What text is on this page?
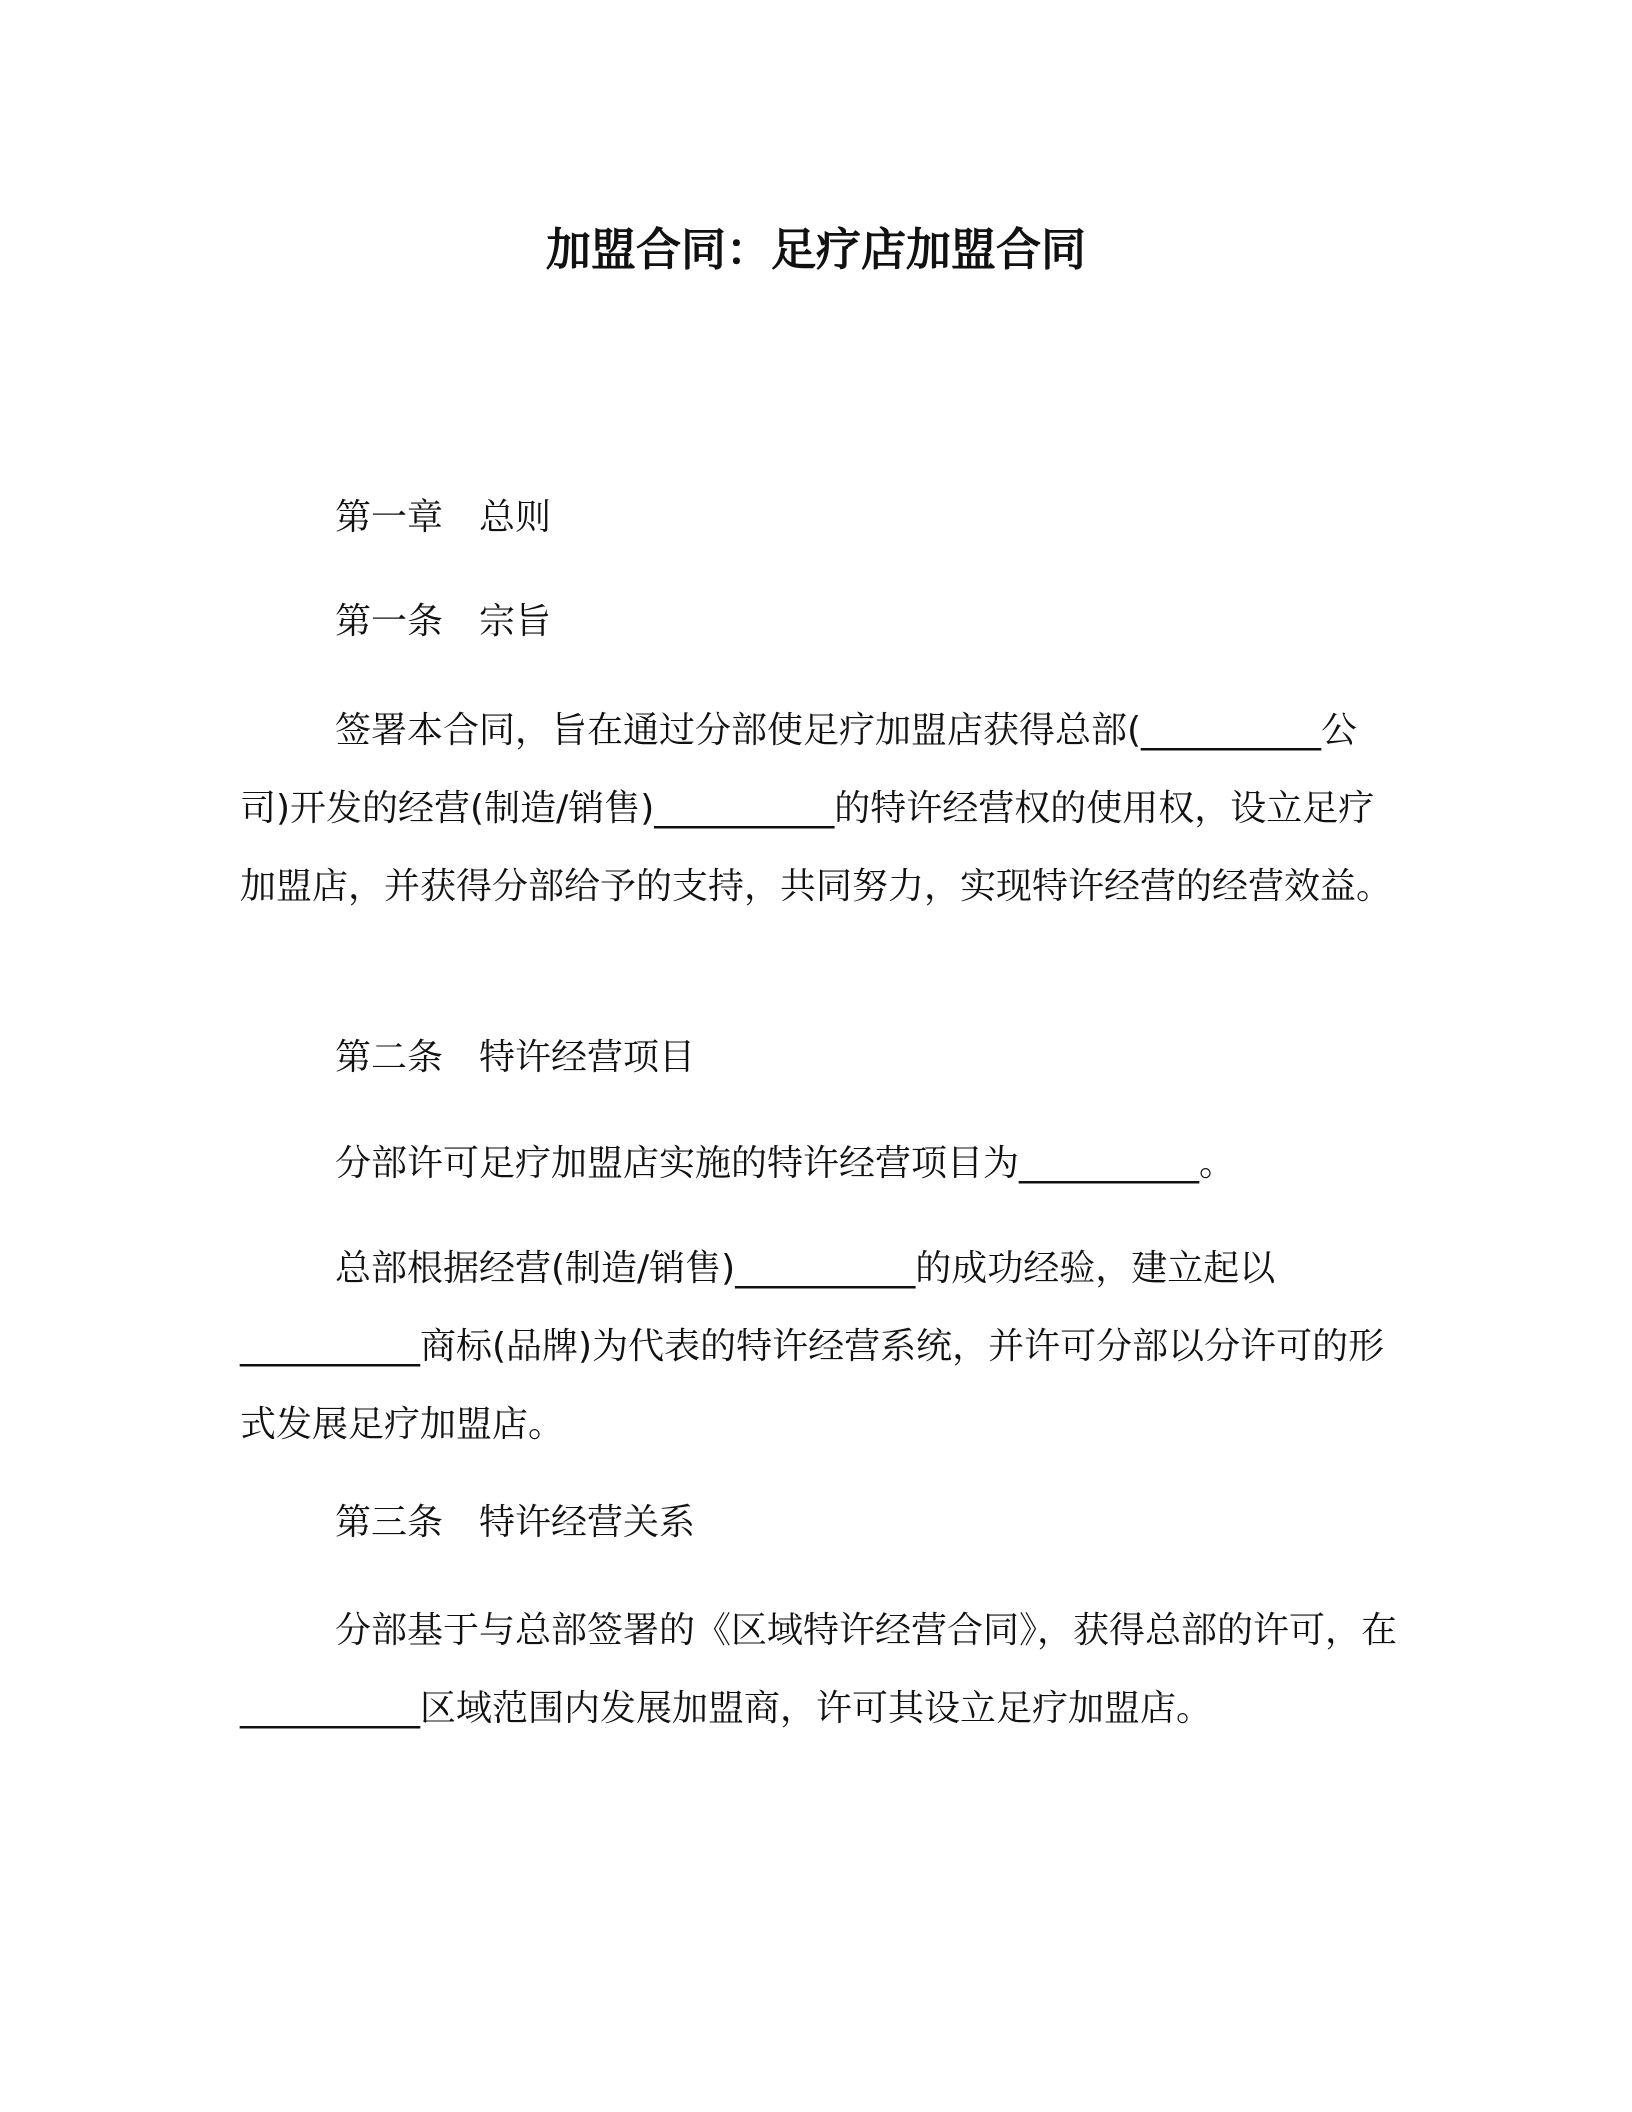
加盟合同：足疗店加盟合同
第一章　总则
第一条　宗旨

签署本合同，旨在通过分部使足疗加盟店获得总部(__________公司)开发的经营(制造/销售)__________的特许经营权的使用权，设立足疗加盟店，并获得分部给予的支持，共同努力，实现特许经营的经营效益。

第二条　特许经营项目

分部许可足疗加盟店实施的特许经营项目为__________。

总部根据经营(制造/销售)__________的成功经验，建立起以__________商标(品牌)为代表的特许经营系统，并许可分部以分许可的形式发展足疗加盟店。

第三条　特许经营关系

分部基于与总部签署的《区域特许经营合同》，获得总部的许可，在__________区域范围内发展加盟商，许可其设立足疗加盟店。
